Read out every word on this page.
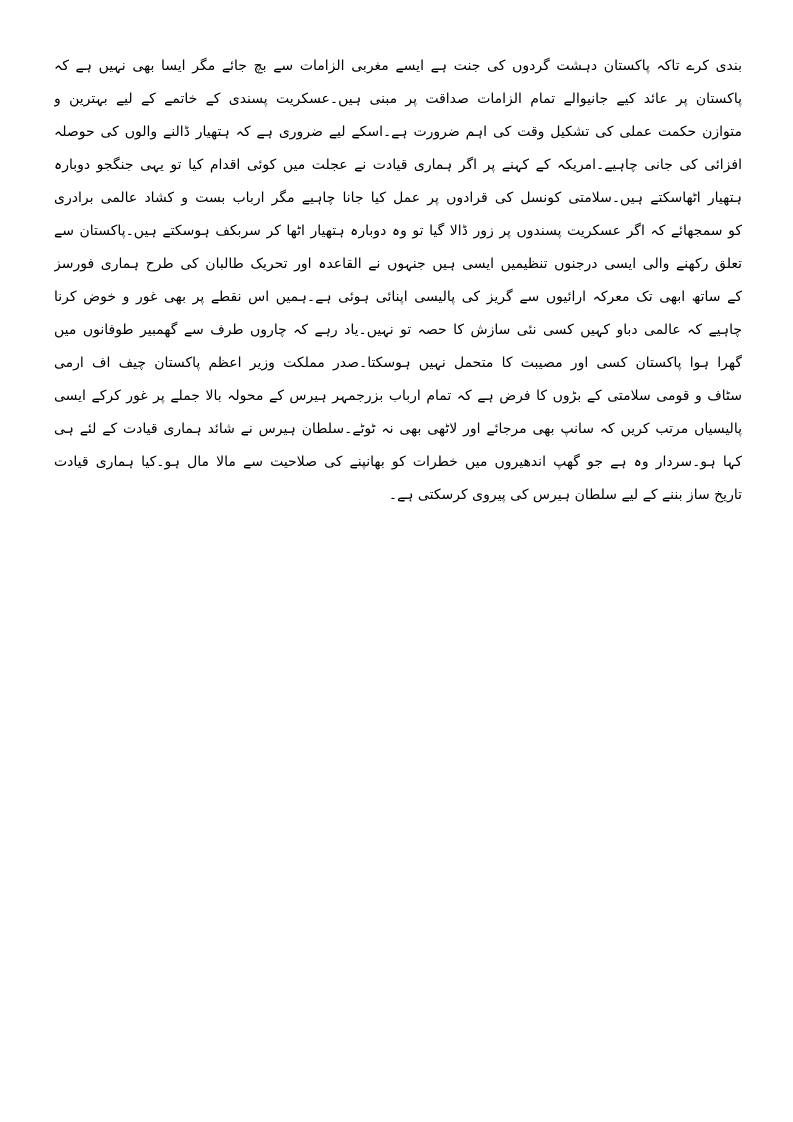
بندی کرے تاکہ پاکستان دہشت گردوں کی جنت ہے ایسے مغربی الزامات سے بچ جائے مگر ایسا بھی نہیں ہے کہ
پاکستان پر عائد کیے جانیوالے تمام الزامات صداقت پر مبنی ہیں۔عسکریت پسندی کے خاتمے کے لیے بہترین و
متوازن حکمت عملی کی تشکیل وقت کی اہم ضرورت ہے۔اسکے لیے ضروری ہے کہ ہتھیار ڈالنے والوں کی حوصلہ
افزائی کی جانی چاہیے۔امریکہ کے کہنے پر اگر ہماری قیادت نے عجلت میں کوئی اقدام کیا تو یہی جنگجو دوبارہ
ہتھیار اٹھاسکتے ہیں۔سلامتی کونسل کی قرادوں پر عمل کیا جانا چاہیے مگر ارباب بست و کشاد عالمی برادری
کو سمجھائے کہ اگر عسکریت پسندوں پر زور ڈالا گیا تو وہ دوبارہ ہتھیار اٹھا کر سربکف ہوسکتے ہیں۔پاکستان سے
تعلق رکھنے والی ایسی درجنوں تنظیمیں ایسی ہیں جنہوں نے القاعدہ اور تحریک طالبان کی طرح ہماری فورسز
کے ساتھ ابھی تک معرکہ ارائیوں سے گریز کی پالیسی اپنائی ہوئی ہے۔ہمیں اس نقطے پر بھی غور و خوض کرنا
چاہیے کہ عالمی دباو کہیں کسی نئی سازش کا حصہ تو نہیں۔یاد رہے کہ چاروں طرف سے گھمبیر طوفانوں میں
گھرا ہوا پاکستان کسی اور مصیبت کا متحمل نہیں ہوسکتا۔صدر مملکت وزیر اعظم پاکستان چیف اف ارمی
سٹاف و قومی سلامتی کے بڑوں کا فرض ہے کہ تمام ارباب بزرجمہر ہیرس کے محولہ بالا جملے پر غور کرکے ایسی
پالیسیاں مرتب کریں کہ سانپ بھی مرجائے اور لاٹھی بھی نہ ٹوٹے۔سلطان ہیرس نے شائد ہماری قیادت کے لئے ہی
کہا ہو۔سردار وہ ہے جو گھپ اندھیروں میں خطرات کو بھانپنے کی صلاحیت سے مالا مال ہو۔کیا ہماری قیادت
تاریخ ساز بننے کے لیے سلطان ہیرس کی پیروی کرسکتی ہے۔
